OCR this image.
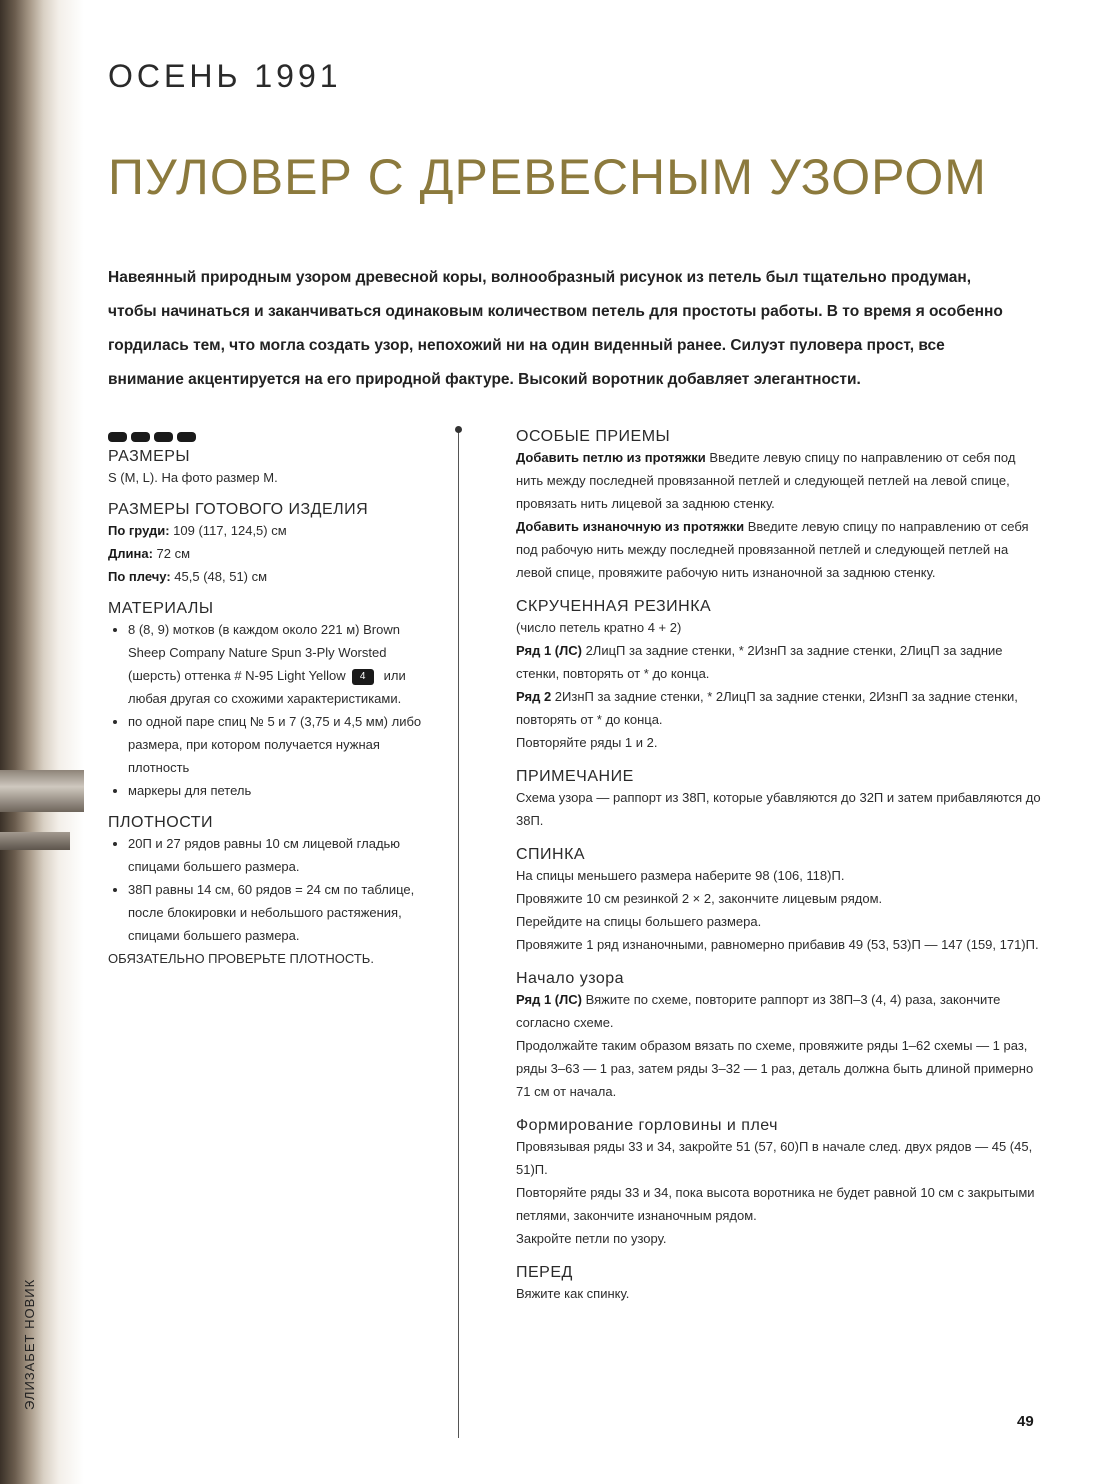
ЭЛИЗАБЕТ НОВИК
ОСЕНЬ 1991
ПУЛОВЕР С ДРЕВЕСНЫМ УЗОРОМ

Навеянный природным узором древесной коры, волнообразный рисунок из петель был тщательно продуман, чтобы начинаться и заканчиваться одинаковым количеством петель для простоты работы. В то время я особенно гордилась тем, что могла создать узор, непохожий ни на один виденный ранее. Силуэт пуловера прост, все внимание акцентируется на его природной фактуре. Высокий воротник добавляет элегантности.

РАЗМЕРЫ

S (M, L). На фото размер M.

РАЗМЕРЫ ГОТОВОГО ИЗДЕЛИЯ

По груди: 109 (117, 124,5) см

Длина: 72 см

По плечу: 45,5 (48, 51) см

МАТЕРИАЛЫ
• 8 (8, 9) мотков (в каждом около 221 м) Brown Sheep Company Nature Spun 3-Ply Worsted (шерсть) оттенка # N-95 Light Yellow 4 или любая другая со схожими характеристиками.
• по одной паре спиц № 5 и 7 (3,75 и 4,5 мм) либо размера, при котором получается нужная плотность
• маркеры для петель
ПЛОТНОСТИ
• 20П и 27 рядов равны 10 см лицевой гладью спицами большего размера.
• 38П равны 14 см, 60 рядов = 24 см по таблице, после блокировки и небольшого растяжения, спицами большего размера.

ОБЯЗАТЕЛЬНО ПРОВЕРЬТЕ ПЛОТНОСТЬ.

ОСОБЫЕ ПРИЕМЫ

Добавить петлю из протяжки Введите левую спицу по направлению от себя под нить между последней провязанной петлей и следующей петлей на левой спице, провязать нить лицевой за заднюю стенку.

Добавить изнаночную из протяжки Введите левую спицу по направлению от себя под рабочую нить между последней провязанной петлей и следующей петлей на левой спице, провяжите рабочую нить изнаночной за заднюю стенку.

СКРУЧЕННАЯ РЕЗИНКА

(число петель кратно 4 + 2)

Ряд 1 (ЛС) 2ЛицП за задние стенки, * 2ИзнП за задние стенки, 2ЛицП за задние стенки, повторять от * до конца.

Ряд 2 2ИзнП за задние стенки, * 2ЛицП за задние стенки, 2ИзнП за задние стенки, повторять от * до конца.

Повторяйте ряды 1 и 2.

ПРИМЕЧАНИЕ

Схема узора — раппорт из 38П, которые убавляются до 32П и затем прибавляются до 38П.

СПИНКА

На спицы меньшего размера наберите 98 (106, 118)П.

Провяжите 10 см резинкой 2 × 2, закончите лицевым рядом.

Перейдите на спицы большего размера.

Провяжите 1 ряд изнаночными, равномерно прибавив 49 (53, 53)П — 147 (159, 171)П.

Начало узора

Ряд 1 (ЛС) Вяжите по схеме, повторите раппорт из 38П–3 (4, 4) раза, закончите согласно схеме.

Продолжайте таким образом вязать по схеме, провяжите ряды 1–62 схемы — 1 раз, ряды 3–63 — 1 раз, затем ряды 3–32 — 1 раз, деталь должна быть длиной примерно 71 см от начала.

Формирование горловины и плеч

Провязывая ряды 33 и 34, закройте 51 (57, 60)П в начале след. двух рядов — 45 (45, 51)П.

Повторяйте ряды 33 и 34, пока высота воротника не будет равной 10 см с закрытыми петлями, закончите изнаночным рядом.

Закройте петли по узору.

ПЕРЕД

Вяжите как спинку.

49
